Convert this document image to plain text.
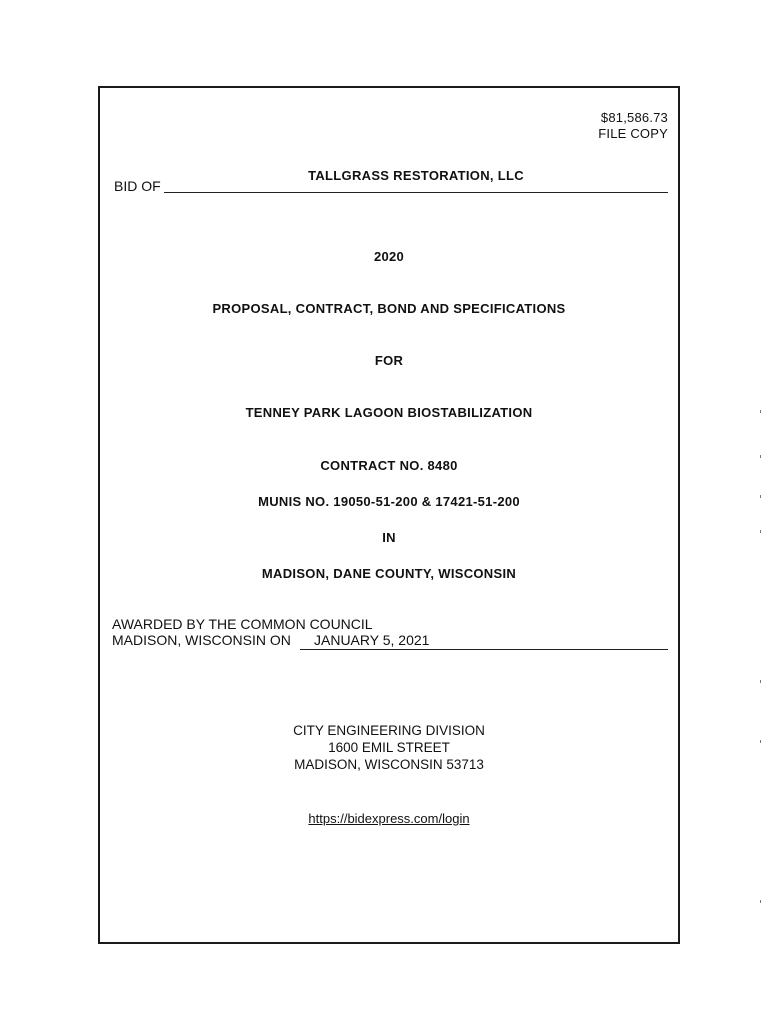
$81,586.73
FILE COPY
BID OF
TALLGRASS RESTORATION, LLC
2020
PROPOSAL, CONTRACT, BOND AND SPECIFICATIONS
FOR
TENNEY PARK LAGOON BIOSTABILIZATION
CONTRACT NO. 8480
MUNIS NO. 19050-51-200 & 17421-51-200
IN
MADISON, DANE COUNTY, WISCONSIN
AWARDED BY THE COMMON COUNCIL
MADISON, WISCONSIN ON JANUARY 5, 2021
CITY ENGINEERING DIVISION
1600 EMIL STREET
MADISON, WISCONSIN 53713
https://bidexpress.com/login
